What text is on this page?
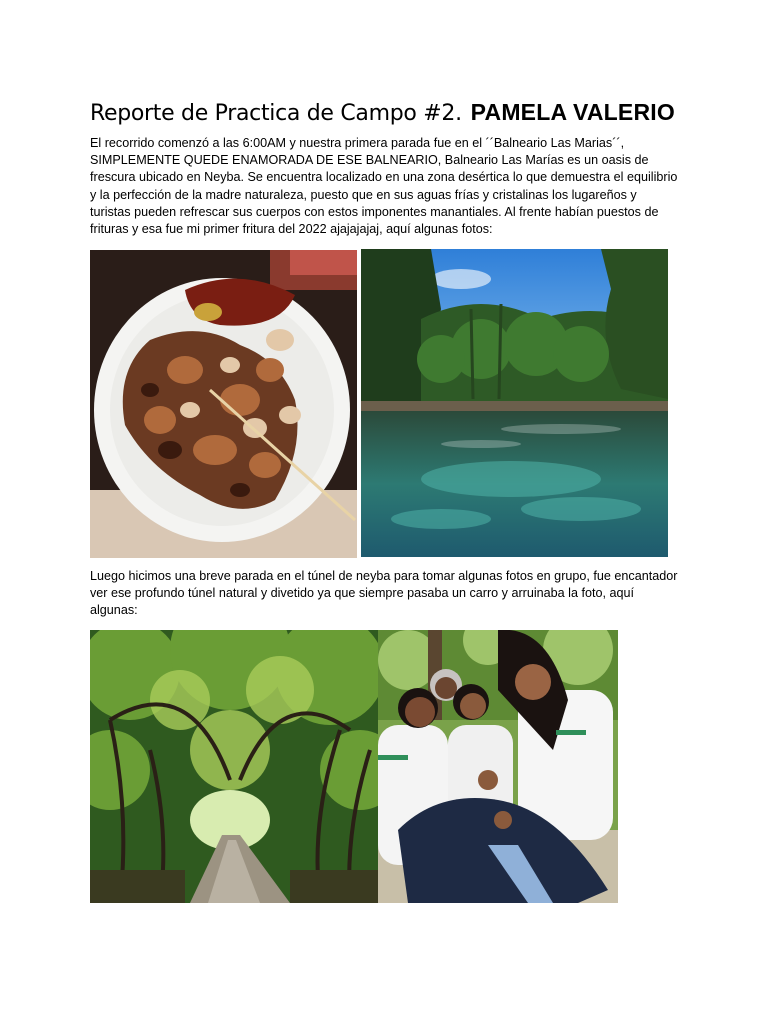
Reporte de Practica de Campo #2. PAMELA VALERIO

El recorrido comenzó a las 6:00AM y nuestra primera parada fue en el ´´Balneario Las Marias´´, SIMPLEMENTE QUEDE ENAMORADA DE ESE BALNEARIO, Balneario Las Marías es un oasis de frescura ubicado en Neyba. Se encuentra localizado en una zona desértica lo que demuestra el equilibrio y la perfección de la madre naturaleza, puesto que en sus aguas frías y cristalinas los lugareños y turistas pueden refrescar sus cuerpos con estos imponentes manantiales. Al frente habían puestos de frituras y esa fue mi primer fritura del 2022 ajajajajaj, aquí algunas fotos:

Luego hicimos una breve parada en el túnel de neyba para tomar algunas fotos en grupo, fue encantador ver ese profundo túnel natural y divetido ya que siempre pasaba un carro y arruinaba la foto, aquí algunas:
